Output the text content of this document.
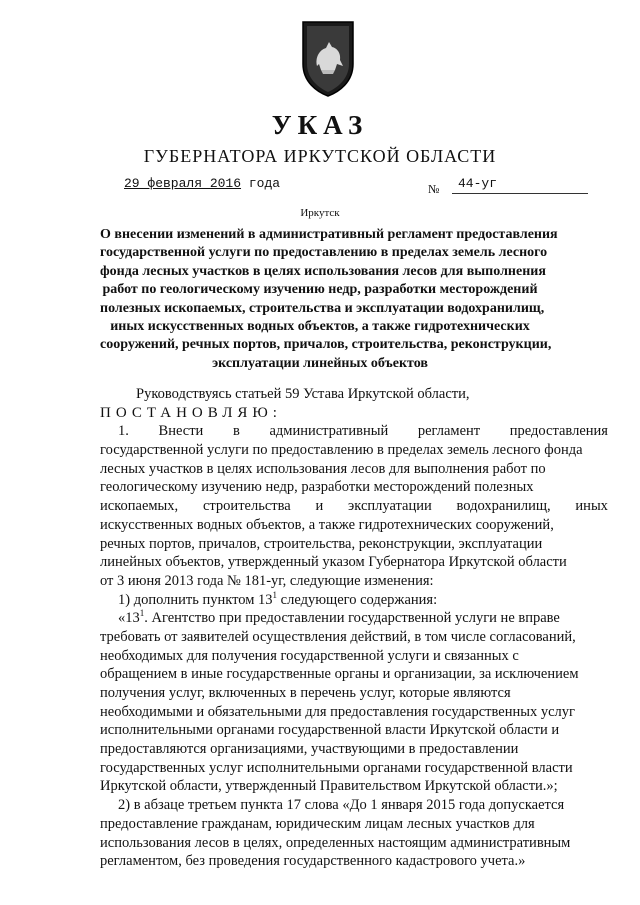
УКАЗ
ГУБЕРНАТОРА ИРКУТСКОЙ ОБЛАСТИ
29 февраля 2016 года	№ 44-уг
Иркутск
О внесении изменений в административный регламент предоставления
государственной услуги по предоставлению в пределах земель лесного
фонда лесных участков в целях использования лесов для выполнения
работ по геологическому изучению недр, разработки месторождений
полезных ископаемых, строительства и эксплуатации водохранилищ,
иных искусственных водных объектов, а также гидротехнических
сооружений, речных портов, причалов, строительства, реконструкции,
эксплуатации линейных объектов
Руководствуясь статьей 59 Устава Иркутской области,
ПОСТАНОВЛЯЮ:
1. Внести в административный регламент предоставления
государственной услуги по предоставлению в пределах земель лесного фонда
лесных участков в целях использования лесов для выполнения работ по
геологическому изучению недр, разработки месторождений полезных
ископаемых, строительства и эксплуатации водохранилищ, иных
искусственных водных объектов, а также гидротехнических сооружений,
речных портов, причалов, строительства, реконструкции, эксплуатации
линейных объектов, утвержденный указом Губернатора Иркутской области
от 3 июня 2013 года № 181-уг, следующие изменения:
1) дополнить пунктом $13^1$ следующего содержания:
«$13^1$. Агентство при предоставлении государственной услуги не вправе
требовать от заявителей осуществления действий, в том числе согласований,
необходимых для получения государственной услуги и связанных с
обращением в иные государственные органы и организации, за исключением
получения услуг, включенных в перечень услуг, которые являются
необходимыми и обязательными для предоставления государственных услуг
исполнительными органами государственной власти Иркутской области и
предоставляются организациями, участвующими в предоставлении
государственных услуг исполнительными органами государственной власти
Иркутской области, утвержденный Правительством Иркутской области.»;
2) в абзаце третьем пункта 17 слова «До 1 января 2015 года допускается
предоставление гражданам, юридическим лицам лесных участков для
использования лесов в целях, определенных настоящим административным
регламентом, без проведения государственного кадастрового учета.»
